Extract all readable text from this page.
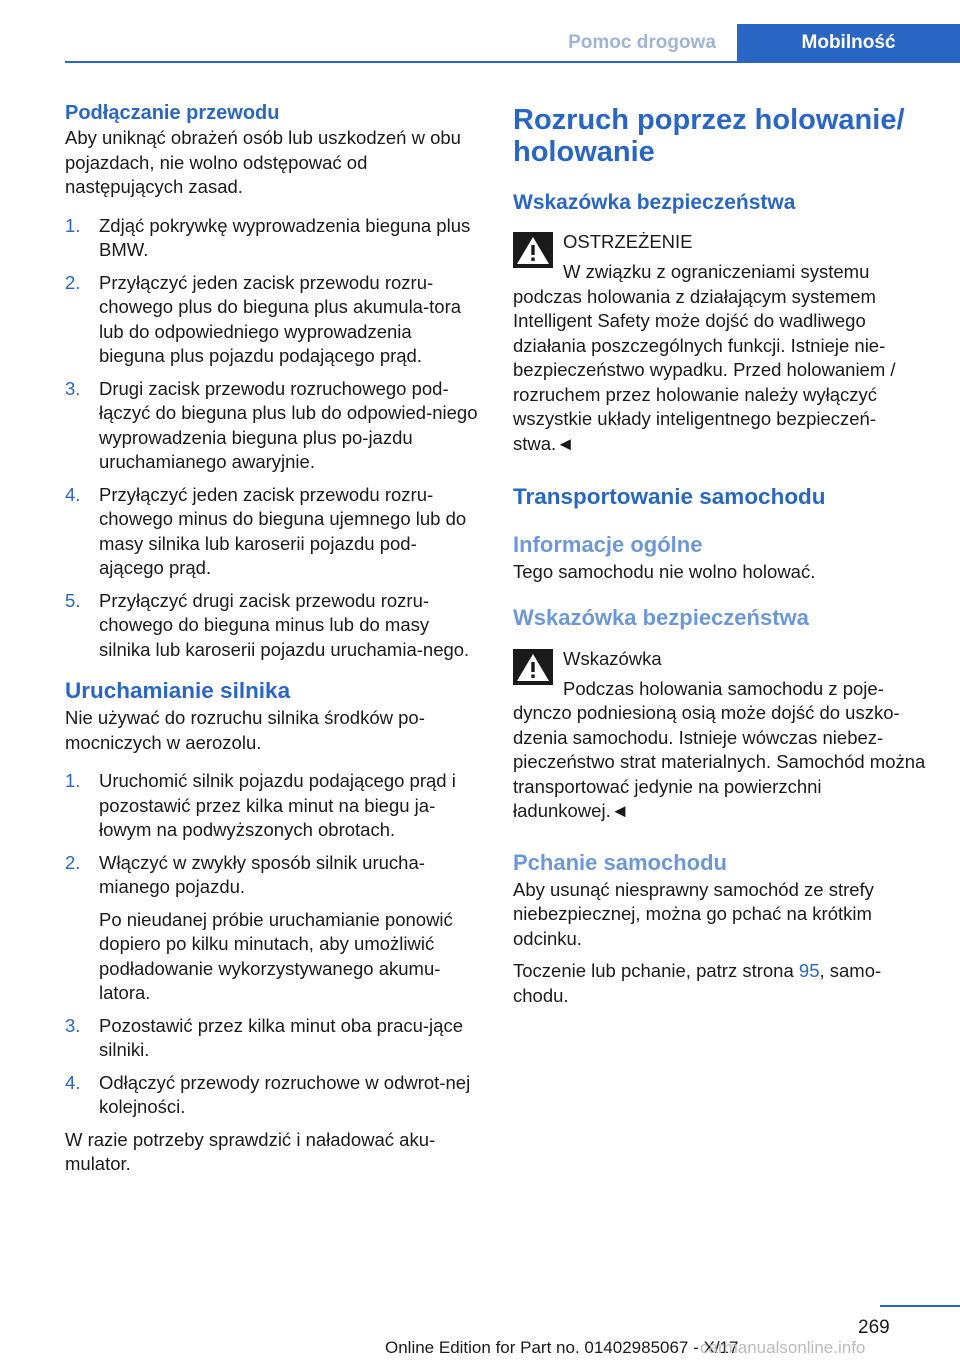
Pomoc drogowa	Mobilność
Podłączanie przewodu

Aby uniknąć obrażeń osób lub uszkodzeń w obu pojazdach, nie wolno odstępować od następujących zasad.

1.	Zdjąć pokrywkę wyprowadzenia bieguna plus BMW.
2.	Przyłączyć jeden zacisk przewodu rozru‐chowego plus do bieguna plus akumula‐tora lub do odpowiedniego wyprowadzenia bieguna plus pojazdu podającego prąd.
3.	Drugi zacisk przewodu rozruchowego pod‐łączyć do bieguna plus lub do odpowied‐niego wyprowadzenia bieguna plus po‐jazdu uruchamianego awaryjnie.
4.	Przyłączyć jeden zacisk przewodu rozru‐chowego minus do bieguna ujemnego lub do masy silnika lub karoserii pojazdu pod‐ającego prąd.
5.	Przyłączyć drugi zacisk przewodu rozru‐chowego do bieguna minus lub do masy silnika lub karoserii pojazdu uruchamia‐nego.
Uruchamianie silnika

Nie używać do rozruchu silnika środków po‐mocniczych w aerozolu.

1.	Uruchomić silnik pojazdu podającego prąd i pozostawić przez kilka minut na biegu ja‐łowym na podwyższonych obrotach.
2.	Włączyć w zwykły sposób silnik urucha‐mianego pojazdu.
Po nieudanej próbie uruchamianie ponowić dopiero po kilku minutach, aby umożliwić podładowanie wykorzystywanego akumu‐latora.
3.	Pozostawić przez kilka minut oba pracu‐jące silniki.
4.	Odłączyć przewody rozruchowe w odwrot‐nej kolejności.

W razie potrzeby sprawdzić i naładować aku‐mulator.

Rozruch poprzez holowanie/ holowanie
Wskazówka bezpieczeństwa
OSTRZEŻENIE

W związku z ograniczeniami systemu podczas holowania z działającym systemem Intelligent Safety może dojść do wadliwego działania poszczególnych funkcji. Istnieje nie‐bezpieczeństwo wypadku. Przed holowaniem / rozruchem przez holowanie należy wyłączyć wszystkie układy inteligentnego bezpieczeń‐stwa.◄

Transportowanie samochodu
Informacje ogólne

Tego samochodu nie wolno holować.

Wskazówka bezpieczeństwa
Wskazówka

Podczas holowania samochodu z poje‐dynczo podniesioną osią może dojść do uszko‐dzenia samochodu. Istnieje wówczas niebez‐pieczeństwo strat materialnych. Samochód można transportować jedynie na powierzchni ładunkowej.◄

Pchanie samochodu

Aby usunąć niesprawny samochód ze strefy niebezpiecznej, można go pchać na krótkim odcinku.

Toczenie lub pchanie, patrz strona 95, samo‐chodu.

269
Online Edition for Part no. 01402985067 - X/17
carmanualsonline.info
